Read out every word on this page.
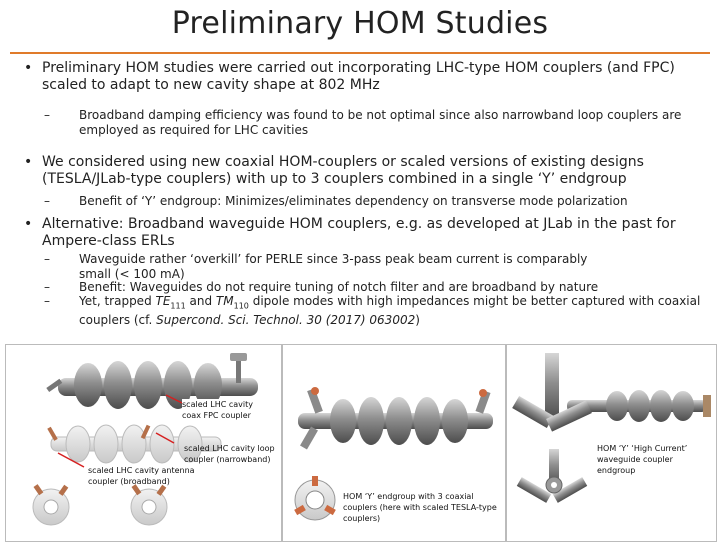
Preliminary HOM Studies
• Preliminary HOM studies were carried out incorporating LHC-type HOM couplers (and FPC) scaled to adapt to new cavity shape at 802 MHz
– Broadband damping efficiency was found to be not optimal since also narrowband loop couplers are employed as required for LHC cavities
• We considered using new coaxial HOM-couplers or scaled versions of existing designs (TESLA/JLab-type couplers) with up to 3 couplers combined in a single ‘Y’ endgroup
– Benefit of ‘Y’ endgroup: Minimizes/eliminates dependency on transverse mode polarization
• Alternative: Broadband waveguide HOM couplers, e.g. as developed at JLab in the past for Ampere-class ERLs
– Waveguide rather ‘overkill’ for PERLE since 3-pass peak beam current is comparably small (< 100 mA)
– Benefit: Waveguides do not require tuning of notch filter and are broadband by nature
– Yet, trapped $TE_{111}$ and $TM_{110}$ dipole modes with high impedances might be better captured with coaxial couplers (cf. Supercond. Sci. Technol. 30 (2017) 063002)
scaled LHC cavity coax FPC coupler
scaled LHC cavity loop coupler (narrowband)
scaled LHC cavity antenna coupler (broadband)
HOM ‘Y’ endgroup with 3 coaxial couplers (here with scaled TESLA-type couplers)
HOM ‘Y’ ‘High Current’ waveguide coupler endgroup
